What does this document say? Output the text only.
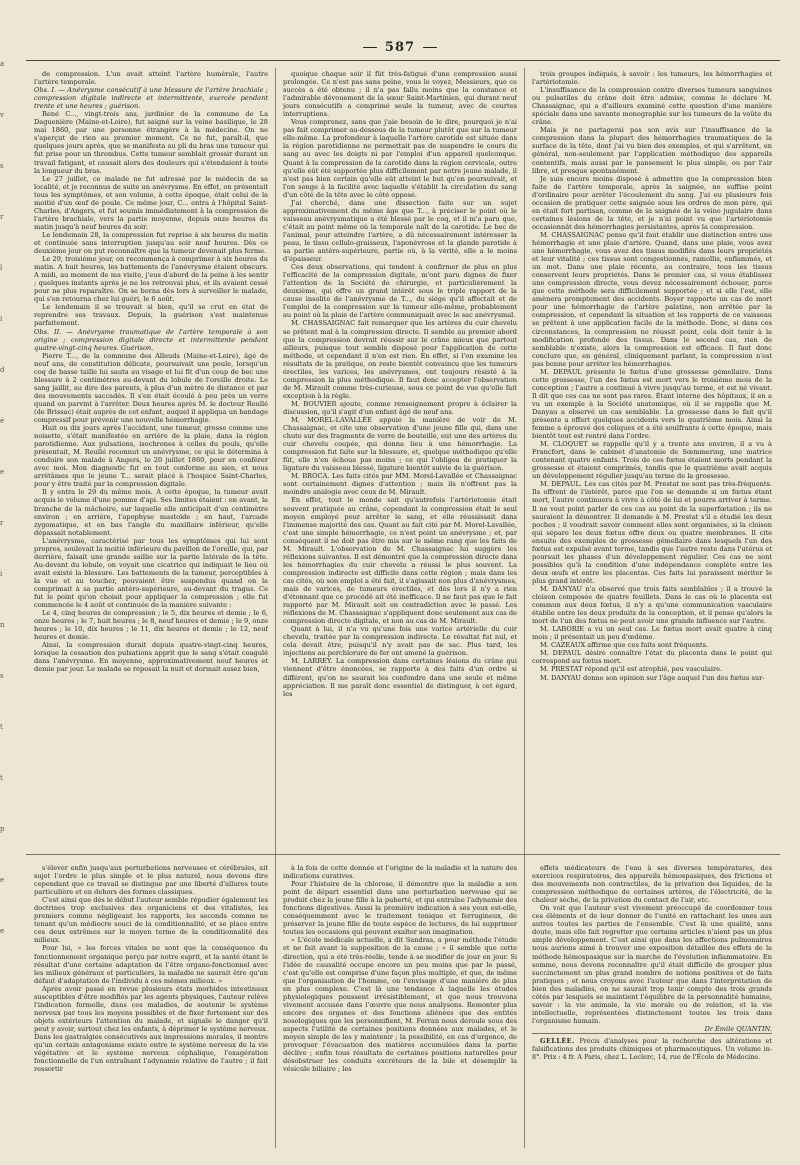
a
v
s
r
l
i
d
é
e
r
i
n
s
t
t
p
e
e
587

de compression. L'un avait atteint l'artère humérale, l'autre l'artère temporale.

Obs. I. — Anévrysme consécutif à une blessure de l'artère brachiale ; compression digitale indirecte et intermittente, exercée pendant trente et une heures ; guérison.

René C..., vingt-trois ans, jardinier de la commune de La Daguenière (Maine-et-Loire), fut saigné sur la veine basilique, le 28 mai 1860, par une personne étrangère à la médecine. On ne s'aperçut de rien au premier moment. Ce ne fut, paraît-il, que quelques jours après, que se manifesta au pli du bras une tumeur qui fut prise pour un thrombus. Cette tumeur semblait grossir durant un travail fatigant, et causait alors des douleurs qui s'étendaient à toute la longueur du bras.

Le 27 juillet, ce malade ne fut adressé par le médecin de sa localité, et je reconnus de suite un anévrysme. En effet, on présentait tous les symptômes, et son volume, à cette époque, était celui de la moitié d'un œuf de poule. Ce même jour, C... entra à l'hôpital Saint-Charles, d'Angers, et fut soumis immédiatement à la compression de l'artère brachiale, vers la partie moyenne, depuis onze heures du matin jusqu'à neuf heures du soir.

Le lendemain 28, la compression fut reprise à six heures du matin et continuée sans interruption jusqu'au soir neuf heures. Dès ce deuxième jour on put reconnaître que la tumeur devenait plus ferme.

Le 29, troisième jour, on recommença à comprimer à six heures du matin. A huit heures, les battements de l'anévrysme étaient obscurs. A midi, au moment de ma visite, j'eus d'abord de la peine à les sentir ; quelques instants après je ne les retrouvai plus, et ils avaient cessé pour ne plus reparaître. On se borna dès lors à surveiller le malade, qui s'en retourna chez lui guéri, le 6 août.

Le lendemain il se trouvait si bien, qu'il se crut en état de reprendre ses travaux. Depuis, la guérison s'est maintenue parfaitement.

Obs. II. — Anévrysme traumatique de l'artère temporale à son origine ; compression digitale directe et intermittente pendant quatre-vingt-cinq heures. Guérison.

Pierre T..., de la commune des Alleuds (Maine-et-Loire), âgé de neuf ans, de constitution délicate, poursuivait une poule, lorsqu'un coq de basse taille lui sauta au visage et lui fit d'un coup de bec une blessure à 2 centimètres au-devant du lobule de l'oreille droite. Le sang jaillit, au dire des parents, à plus d'un mètre de distance et par des mouvements saccadés. Il s'en était écoulé à peu près un verre quand on parvint à l'arrêter. Deux heures après M. le docteur Reullé (de Brissac) était auprès de cet enfant, auquel il appliqua un bandage compressif pour prévenir une nouvelle hémorrhagie.

Huit ou dix jours après l'accident, une tumeur, grosse comme une noisette, s'était manifestée en arrière de la plaie, dans la région parotidienne. Aux pulsations, isochrones à celles du pouls, qu'elle présentait, M. Reullé reconnut un anévrysme, ce qui le détermina à conduire son malade à Angers, le 20 juillet 1860, pour en conférer avec moi. Mon diagnostic fut en tout conforme au sien, et nous arrêtâmes que le jeune T... serait placé à l'hospice Saint-Charles, pour y être traité par la compression digitale.

Il y entra le 29 du même mois. A cette époque, la tumeur avait acquis le volume d'une pomme d'api. Ses limites étaient : en avant, la branche de la mâchoire, sur laquelle elle anticipait d'un centimètre environ ; en arrière, l'apophyse mastoïde ; en haut, l'arcade zygomatique, et en bas l'angle du maxillaire inférieur, qu'elle dépassait notablement.

L'anévrysme, caractérisé par tous les symptômes qui lui sont propres, soulevait la moitié inférieure du pavillon de l'oreille, qui, par derrière, faisait une grande saillie sur la partie latérale de la tête. Au-devant du lobule, on voyait une cicatrice qui indiquait le lieu où avait existé la blessure. Les battements de la tumeur, perceptibles à la vue et au toucher, pouvaient être suspendus quand on la comprimait à sa partie antéro-supérieure, au-devant du tragus. Ce fut le point qu'on choisit pour appliquer la compression ; elle fut commencée le 4 août et continuée de la manière suivante :

Le 4, cinq heures de compression ; le 5, dix heures et demie ; le 6, onze heures ; le 7, huit heures ; le 8, neuf heures et demie ; le 9, onze heures ; le 10, dix heures ; le 11, dix heures et demie ; le 12, neuf heures et demie.

Ainsi, la compression durait depuis quatre-vingt-cinq heures, lorsque la cessation des pulsations apprit que le sang s'était coagulé dans l'anévrysme. En moyenne, approximativement neuf heures et demie par jour. Le malade se reposait la nuit et dormait assez bien,

quoique chaque soir il fût très-fatigué d'une compression aussi prolongée. Ce n'est pas sans peine, vous le voyez, Messieurs, que ce succès a été obtenu ; il n'a pas fallu moins que la constance et l'admirable dévouement de la sœur Saint-Martinien, qui durant neuf jours consécutifs a comprimé seule la tumeur, avec de courtes interruptions.

Vous comprenez, sans que j'aie besoin de le dire, pourquoi je n'ai pas fait comprimer au-dessous de la tumeur plutôt que sur la tumeur elle-même. La profondeur à laquelle l'artère carotide est située dans la région parotidienne ne permettait pas de suspendre le cours du sang au avec les doigts ni par l'emploi d'un appareil quelconque. Quant à la compression de la carotide dans la région cervicale, outre qu'elle eût été supportée plus difficilement par notre jeune malade, il n'est pas bien certain qu'elle eût atteint le but qu'on poursuivait, et l'on songe à la facilité avec laquelle s'établit la circulation du sang d'un côté de la tête avec le côté opposé.

J'ai cherché, dans une dissection faite sur un sujet approximativement du même âge que T..., à préciser le point où le vaisseau anévrysmatique a été blessé par le coq, et il m'a paru que, c'était au point même où la temporale naît de la carotide. Le bec de l'animal, pour atteindre l'artère, a dû nécessairement intéresser la peau, le tissu cellulo-graisseux, l'aponévrose et la glande parotide à sa partie antéro-supérieure, partie où, à la vérité, elle a le moins d'épaisseur.

Ces deux observations, qui tendent à confirmer de plus en plus l'efficacité de la compression digitale, m'ont paru dignes de fixer l'attention de la Société de chirurgie, et particulièrement la deuxième, qui offre un grand intérêt sous le triple rapport de la cause insolite de l'anévrysme de T..., du siége qu'il affectait et de l'emploi de la compression sur la tumeur elle-même, probablement au point où la plaie de l'artère communiquait avec le sac anévrysmal.

M. CHASSAIGNAC fait remarquer que les artères du cuir chevelu se prêtent mal à la compression directe. Il semble au premier abord que la compression devrait réussir sur le crâne mieux que partout ailleurs, puisque tout semble disposé pour l'application de cette méthode, et cependant il n'en est rien. En effet, si l'on examine les résultats de la pratique, on reste bientôt convaincu que les tumeurs érectiles, les varices, les anévrysmes, ont toujours résisté à la compression la plus méthodique. Il faut donc accepter l'observation de M. Mirault comme très-curieuse, sous ce point de vue qu'elle fait exception à la règle.

M. BOUVIER ajoute, comme renseignement propre à éclairer la discussion, qu'il s'agit d'un enfant âgé de neuf ans.

M. MOREL-LAVALLÉE appuie la manière de voir de M. Chassaignac, et cite une observation d'une jeune fille qui, dans une chute sur des fragments de verre de bouteille, eut une des artères du cuir chevelu coupée, qui donna lieu à une hémorrhagie. La compression fut faite sur la blessure, et, quelque méthodique qu'elle fût, elle n'en échoua pas moins ; ce qui l'obligea de pratiquer la ligature du vaisseau blessé, ligature bientôt suivie de la guérison.

M. BROCA. Les faits cités par MM. Morel-Lavallée et Chassaignac sont certainement dignes d'attention ; mais ils n'offrent pas la moindre analogie avec ceux de M. Mirault.

En effet, tout le monde sait qu'autrefois l'artériotomie était souvent pratiquée au crâne, cependant la compression était le seul moyen employé pour arrêter le sang, et elle réussissait dans l'immense majorité des cas. Quant au fait cité par M. Morel-Lavallée, c'est une simple hémorrhagie, ce n'est point un anévrysme ; et, par conséquent il ne doit pas être mis sur le même rang que les faits de M. Mirault. L'observation de M. Chassaignac lui suggère les réflexions suivantes. Il est démontré que la compression directe dans les hémorrhagies du cuir chevelu a réussi le plus souvent. La compression indirecte est difficile dans cette région ; mais dans les cas cités, où son emploi a été fait, il s'agissait non plus d'anévrysmes, mais de varices, de tumeurs érectiles, et dès lors il n'y a rien d'étonnant que ce procédé ait été inefficace. Il ne faut pas que le fait rapporté par M. Mirault soit en contradiction avec le passé. Les réflexions de M. Chassaignac s'appliquent donc seulement aux cas de compression directe digitale, et non au cas de M. Mirault.

Quant à lui, il n'a vu qu'une fois une varice artérielle du cuir chevelu, traitée par la compression indirecte. Le résultat fut nul, et cela devait être, puisqu'il n'y avait pas de sac. Plus tard, les injections au perchlorure de fer ont amené la guérison.

M. LARREY. La compression dans certaines lésions du crâne qui viennent d'être énoncées, se rapporte à des faits d'un ordre si différent, qu'on ne saurait les confondre dans une seule et même appréciation. Il me paraît donc essentiel de distinguer, à cet égard, les

trois groupes indiqués, à savoir : les tumeurs, les hémorrhagies et l'artériotomie.

L'insuffisance de la compression contre diverses tumeurs sanguines ou pulsatiles du crâne doit être admise, comme le déclare M. Chassaignac, qui a d'ailleurs examiné cette question d'une manière spéciale dans une savante monographie sur les tumeurs de la voûte du crâne.

Mais je ne partagerai pas son avis sur l'insuffisance de la compression dans la plupart des hémorrhagies traumatiques de la surface de la tête, dont j'ai vu bien des exemples, et qui s'arrêtent, en général, non-seulement par l'application méthodique des appareils contentifs, mais aussi par le pansement le plus simple, ou par l'air libre, et presque spontanément.

Je suis encore moins disposé à admettre que la compression bien faite de l'artère temporale, après la saignée, ne suffise point d'ordinaire pour arrêter l'écoulement du sang. J'ai eu plusieurs fois occasion de pratiquer cette saignée sous les ordres de mon père, qui en était fort partisan, comme de la saignée de la veine jugulaire dans certaines lésions de la tête, et je n'ai point vu que l'artériotomie occasionnât des hémorrhagies persistantes, après la compression.

M. CHASSAIGNAC pense qu'il faut établir une distinction entre une hémorrhagie et une plaie d'artère. Quand, dans une plaie, vous avez une hémorrhagie, vous avez des tissus modifiés dans leurs propriétés et leur vitalité ; ces tissus sont congestionnés, ramollis, enflammés, et un mot. Dans une plaie récente, au contraire, tous les tissus conservent leurs propriétés. Dans le premier cas, si vous établissez une compression directe, vous devez nécessairement échouer, parce que cette méthode sera difficilement supportée ; et si elle l'est, elle amènera promptement des accidents. Boyer rapporte un cas de mort pour une hémorrhagie de l'artère palatine, non arrêtée par la compression, et cependant la situation et les rapports de ce vaisseau se prêtent à une application facile de la méthode. Donc, si dans ces circonstances, la compression ne réussit point, cela doit tenir à la modification profonde des tissus. Dans le second cas, rien de semblable n'existe, alors la compression est efficace. Il faut donc conclure que, en général, cliniquement parlant, la compression n'est pas bonne pour arrêter les hémorrhagies.

M. DEPAUL présente le fœtus d'une grossesse gémellaire. Dans cette grossesse, l'un des fœtus est mort vers le troisième mois de la conception ; l'autre a continué à vivre jusqu'au terme, et est né vivant. Il dit que ces cas ne sont pas rares. Étant interne des hôpitaux, il en a vu un exemple à la Société anatomique, où il se rappelle que M. Danyau a observé un cas semblable. La grossesse dans le fait qu'il présente a offert quelques accidents vers le quatrième mois. Ainsi la femme a éprouvé des coliques et a été soulfrante à cette époque, mais bientôt tout est rentré dans l'ordre.

M. CLOQUET se rappelle qu'il y a trente ans environ, il a vu à Francfort, dans le cabinet d'anatomie de Sœmmering, une matrice contenant quatre enfants. Trois de ces fœtus étaient morts pendant la grossesse et étaient comprimés, tandis que le quatrième avait acquis un développement régulier jusqu'au terme de la grossesse.

M. DEPAUL. Les cas cités par M. Prestat ne sont pas très-fréquents. Ils offrent de l'intérêt, parce que l'on se demande si un fœtus étant mort, l'autre continuera à vivre à côté de lui et pourra arriver à terme. Il ne veut point parler de ces cas au point de la superfœtation ; ils ne sauraient la démontrer. Il demande à M. Prestat s'il a étudié les deux poches ; il voudrait savoir comment elles sont organisées, si la cloison qui sépare les deux fœtus offre deux ou quatre membranes. Il cite ensuite des exemples de grossesse gémellaire dans lesquels l'un des fœtus est expulsé avant terme, tandis que l'autre reste dans l'utérus et poursuit les phases d'un développement régulier. Ces cas ne sont possibles qu'à la condition d'une indépendance complète entre les deux œufs et entre les placentas. Ces faits lui paraissent mériter le plus grand intérêt.

M. DANYAU n'a observé que trois faits semblables ; il a trouvé la cloison composée de quatre feuillets. Dans le cas où le placenta est commun aux deux fœtus, il n'y a qu'une communication vasculaire établie entre les deux produits de la conception, et il pense qu'alors la mort de l'un des fœtus ne peut avoir une grande influence sur l'autre.

M. LABORIE a vu un seul cas. Le fœtus mort avait quatre à cinq mois ; il présentait un peu d'œdème.

M. CAZEAUX affirme que ces faits sont fréquents.

M. DEPAUL désire connaître l'état du placenta dans le point qui correspond au fœtus mort.

M. PRESTAT répond qu'il est atrophié, peu vasculaire.

M. DANYAU donne son opinion sur l'âge auquel l'un des fœtus sur-

s'élever enfin jusqu'aux perturbations nerveuses et cérébrales, ait sujet l'ordre le plus simple et le plus naturel, nous devons dire cependant que ce travail se distingue par une liberté d'allures toute particulière et en dehors des formes classiques.

C'est ainsi que dès le début l'auteur semble répudier également les doctrines trop exclusives des organiciens et des vitalistes, les premiers comme négligeant les rapports, les seconds comme ne tenant qu'un médiocre souci de la conditionnalité, et se place entre ces deux extrêmes sur le moyen terme de la conditionnalité des milieux.

Pour lui, « les forces vitales ne sont que la conséquence du fonctionnement organique perçu par notre esprit, et la santé étant le résultat d'une certaine adaptation de l'être organo-fonctionnel avec les milieux généraux et particuliers, la maladie ne saurait être qu'un défaut d'adaptation de l'individu à ces mêmes milieux. »

Après avoir passé en revue plusieurs états morbides intestinaux susceptibles d'être modifiés par les agents physiques, l'auteur relève l'indication formelle, dans ces maladies, de soutenir le système nerveux par tous les moyens possibles et de fixer fortement sur des objets extérieurs l'attention du malade, et signale le danger qu'il peut y avoir, surtout chez les enfants, à déprimer le système nerveux. Dans les gastralgies consécutives aux impressions morales, il montre qu'un certain antagonisme existe entre le système nerveux de la vie végétative et le système nerveux céphalique, l'exagération fonctionnelle de l'un entraînant l'adynamie relative de l'autre ; il fait ressortir

à la fois de cette donnée et l'origine de la maladie et la nature des indications curatives.

Pour l'histoire de la chlorose, il démontre que la maladie a son point de départ essentiel dans une perturbation nerveuse qui se produit chez la jeune fille à la puberté, et qui entraîne l'adynamie des fonctions digestives. Aussi la première indication à ses yeux est-elle, conséquemment avec le traitement tonique et ferrugineux, de préserver la jeune fille de toute espèce de lectures, de lui supprimer toutes les occasions qui peuvent exalter son imagination.

« L'école médicale actuelle, a dit Sandras, a pour méthode l'étude et ne fait avant la supposition de la cause ; » il semble que cette direction, qui a été très-réelle, tende à se modifier de jour en jour. Si l'idée de causalité occupe encore un peu moins que par le passé, c'est qu'elle est comprise d'une façon plus multiple, et que, de même que l'organisation de l'homme, on l'envisage d'une manière de plus en plus complexe. C'est là une tendance à laquelle les études physiologiques poussent irrésistiblement, et que nous trouvons vivement accusée dans l'œuvre que nous analysons. Remonter plus encore des organes et des fonctions aliénées que des entités nosologiques que les personnifient, M. Ferran nous déroule sous des aspects l'utilité de certaines positions données aux malades, et le moyen simple de les y maintenir ; la possibilité, en cas d'urgence, de provoquer l'évacuation des matières accumulées dans la partie déclive ; enfin tous résultats de certaines positions naturelles pour désobstruer les conduits excréteurs de la bile et désemplir la vésicule biliaire ; les

effets médicateurs de l'eau à ses diverses températures, des exercices respiratoires, des appareils hémospasiques, des frictions et des mouvements non contractiles, de la privation des liquides, de la compression méthodique de certaines artères, de l'électricité, de la chaleur sèche, de la privation du contact de l'air, etc.

On voit que l'auteur s'est vivement préoccupé de coordonner tous ces éléments et de leur donner de l'unité en rattachant les unes aux autres toutes les parties de l'ensemble. C'est là une qualité, sans doute, mais elle fait regretter que certains articles n'aient pas un plus ample développement. C'est ainsi que dans les affections pulmonaires nous aurions aimé à trouver une exposition détaillée des effets de la méthode hémospasique sur la marche de l'évolution inflammatoire. En somme, nous devons reconnaître qu'il était difficile de grouper plus succinctement un plus grand nombre de notions positives et de faits pratiques ; et nous croyons avec l'auteur que dans l'interprétation de bien des maladies, on ne saurait trop tenir compte des trois grands côtés par lesquels se maintient l'équilibre de la personnalité humaine, savoir : la vie animale, la vie morale ou de relation, et la vie intellectuelle, représentées distinctement toutes les trois dans l'organisme humain.

Dr Émile QUANTIN.

GELLÉE. Précis d'analyses pour la recherche des altérations et falsifications des produits chimiques et pharmaceutiques. Un volume in-8°. Prix : 4 fr. A Paris, chez L. Leclerc, 14, rue de l'École de Médecine.
